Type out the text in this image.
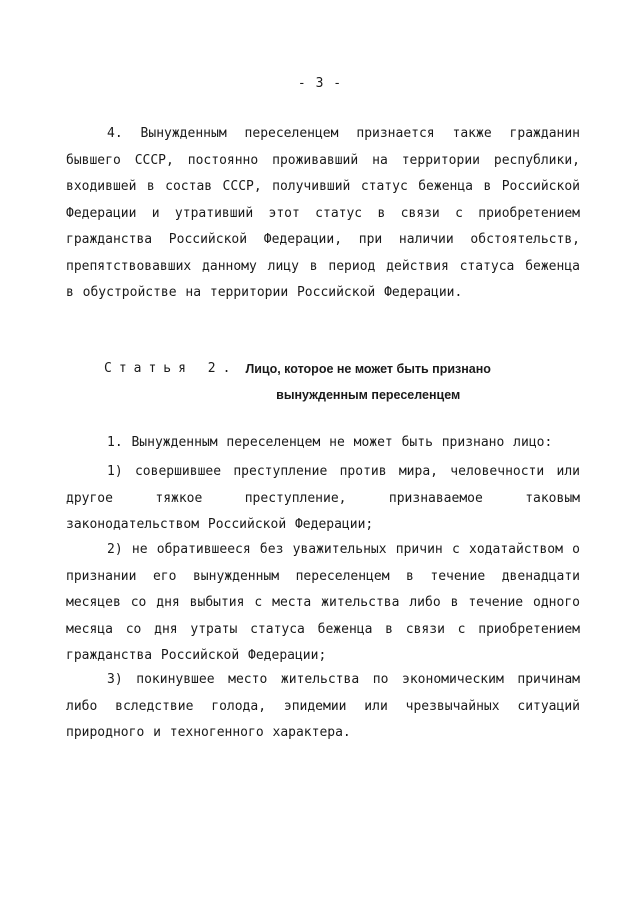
- 3 -
4. Вынужденным переселенцем признается также гражданин бывшего СССР, постоянно проживавший на территории республики, входившей в состав СССР, получивший статус беженца в Российской Федерации и утративший этот статус в связи с приобретением гражданства Российской Федерации, при наличии обстоятельств, препятствовавших данному лицу в период действия статуса беженца в обустройстве на территории Российской Федерации.
Статья 2. Лицо, которое не может быть признано
вынужденным переселенцем
1. Вынужденным переселенцем не может быть признано лицо:
1) совершившее преступление против мира, человечности или другое тяжкое преступление, признаваемое таковым законодательством Российской Федерации;
2) не обратившееся без уважительных причин с ходатайством о признании его вынужденным переселенцем в течение двенадцати месяцев со дня выбытия с места жительства либо в течение одного месяца со дня утраты статуса беженца в связи с приобретением гражданства Российской Федерации;
3) покинувшее место жительства по экономическим причинам либо вследствие голода, эпидемии или чрезвычайных ситуаций природного и техногенного характера.
